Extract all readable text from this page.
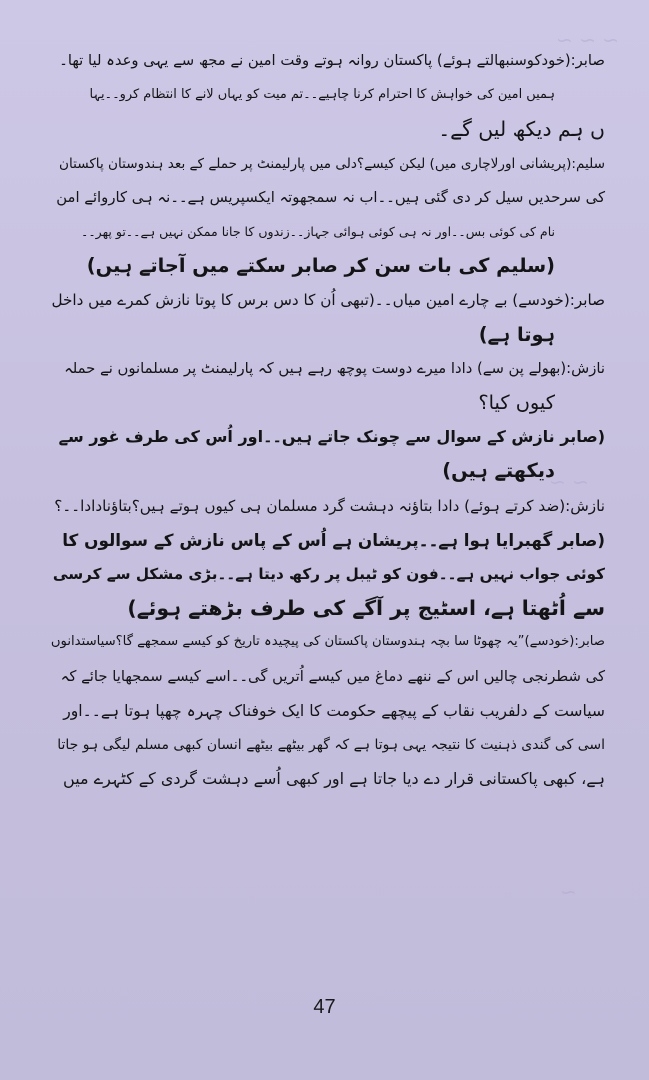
~ ~ ~
~ ~
~

صابر:(خودکوسنبھالتے ہوئے) پاکستان روانہ ہوتے وقت امین نے مجھ سے یہی وعدہ لیا تھا۔
ہمیں امین کی خواہش کا احترام کرنا چاہیے۔۔تم میت کو یہاں لانے کا انتظام کرو۔۔یہا
ں ہم دیکھ لیں گے۔

سلیم:(پریشانی اورلاچاری میں) لیکن کیسے؟دلی میں پارلیمنٹ پر حملے کے بعد ہندوستان پاکستان
کی سرحدیں سیل کر دی گئی ہیں۔۔اب نہ سمجھوتہ ایکسپریس ہے۔۔نہ ہی کاروائے امن
نام کی کوئی بس۔۔اور نہ ہی کوئی ہوائی جہاز۔۔زندوں کا جانا ممکن نہیں ہے۔۔تو پھر۔۔

(سلیم کی بات سن کر صابر سکتے میں آجاتے ہیں)

صابر:(خودسے) بے چارے امین میاں۔۔(تبھی اُن کا دس برس کا پوتا نازش کمرے میں داخل
ہوتا ہے)

نازش:(بھولے پن سے) دادا میرے دوست پوچھ رہے ہیں کہ پارلیمنٹ پر مسلمانوں نے حملہ
کیوں کیا؟

(صابر نازش کے سوال سے چونک جاتے ہیں۔۔اور اُس کی طرف غور سے
دیکھتے ہیں)

نازش:(ضد کرتے ہوئے) دادا بتاؤنہ دہشت گرد مسلمان ہی کیوں ہوتے ہیں؟بتاؤنادادا۔۔؟

(صابر گھبرایا ہوا ہے۔۔پریشان ہے اُس کے پاس نازش کے سوالوں کا
کوئی جواب نہیں ہے۔۔فون کو ٹیبل پر رکھ دیتا ہے۔۔بڑی مشکل سے کرسی
سے اُٹھتا ہے، اسٹیج پر آگے کی طرف بڑھتے ہوئے)

صابر:(خودسے)”یہ چھوٹا سا بچہ ہندوستان پاکستان کی پیچیدہ تاریخ کو کیسے سمجھے گا؟سیاستدانوں
کی شطرنجی چالیں اس کے ننھے دماغ میں کیسے اُتریں گی۔۔اسے کیسے سمجھایا جائے کہ
سیاست کے دلفریب نقاب کے پیچھے حکومت کا ایک خوفناک چہرہ چھپا ہوتا ہے۔۔اور
اسی کی گندی ذہنیت کا نتیجہ یہی ہوتا ہے کہ گھر بیٹھے بیٹھے انسان کبھی مسلم لیگی ہو جاتا
ہے، کبھی پاکستانی قرار دے دیا جاتا ہے اور کبھی اُسے دہشت گردی کے کٹہرے میں

47
